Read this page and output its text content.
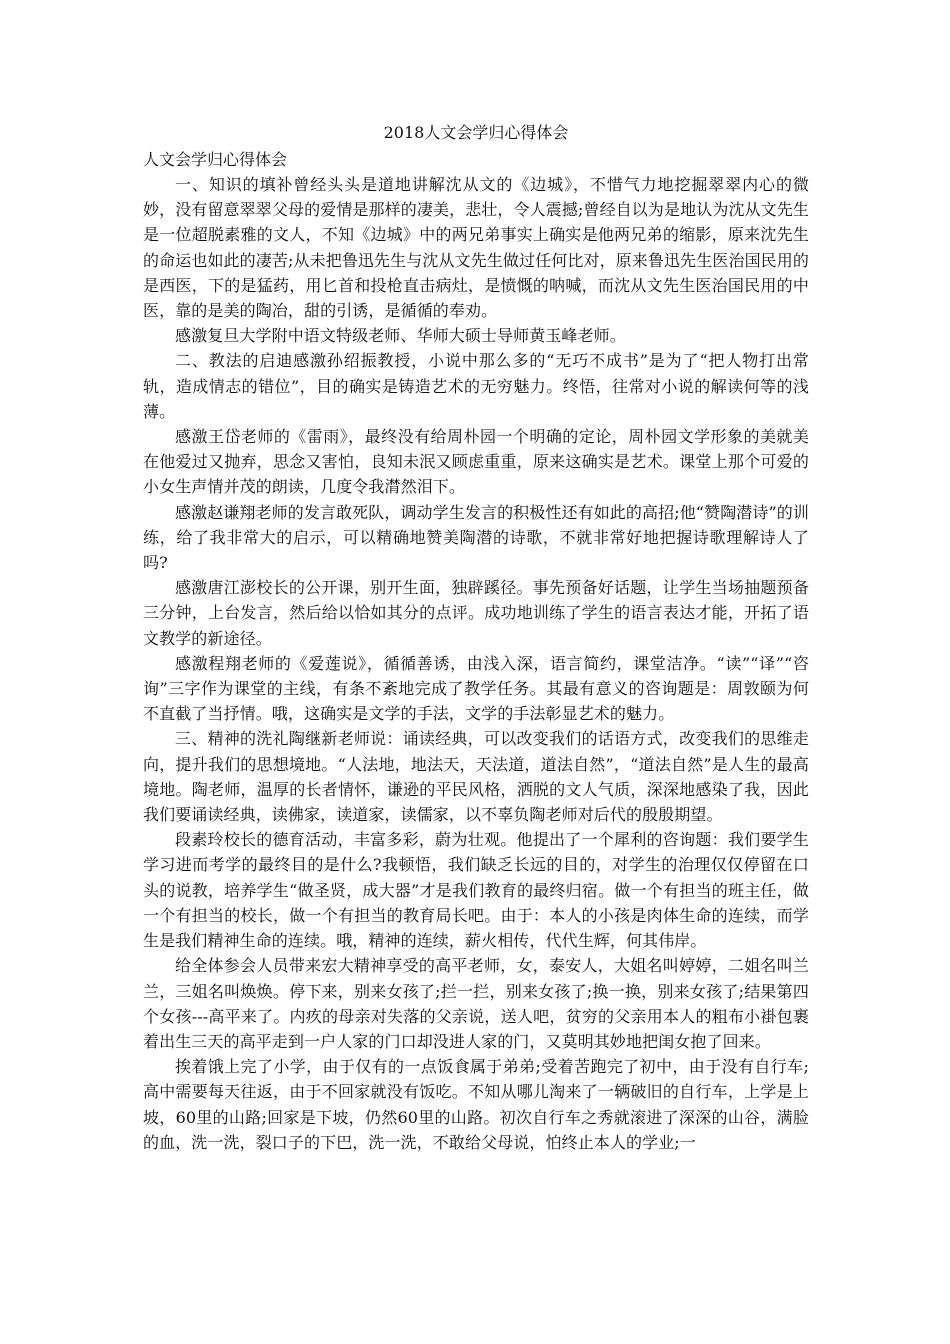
2018人文会学归心得体会
人文会学归心得体会

一、知识的填补曾经头头是道地讲解沈从文的《边城》，不惜气力地挖掘翠翠内心的微妙，没有留意翠翠父母的爱情是那样的凄美，悲壮，令人震撼;曾经自以为是地认为沈从文先生是一位超脱素雅的文人，不知《边城》中的两兄弟事实上确实是他两兄弟的缩影，原来沈先生的命运也如此的凄苦;从未把鲁迅先生与沈从文先生做过任何比对，原来鲁迅先生医治国民用的是西医，下的是猛药，用匕首和投枪直击病灶，是愤慨的呐喊，而沈从文先生医治国民用的中医，靠的是美的陶冶，甜的引诱，是循循的奉劝。

感激复旦大学附中语文特级老师、华师大硕士导师黄玉峰老师。

二、教法的启迪感激孙绍振教授，小说中那么多的“无巧不成书”是为了“把人物打出常轨，造成情志的错位”，目的确实是铸造艺术的无穷魅力。终悟，往常对小说的解读何等的浅薄。

感激王岱老师的《雷雨》，最终没有给周朴园一个明确的定论，周朴园文学形象的美就美在他爱过又抛弃，思念又害怕，良知未泯又顾虑重重，原来这确实是艺术。课堂上那个可爱的小女生声情并茂的朗读，几度令我潸然泪下。

感激赵谦翔老师的发言敢死队，调动学生发言的积极性还有如此的高招;他“赞陶潜诗”的训练，给了我非常大的启示，可以精确地赞美陶潜的诗歌，不就非常好地把握诗歌理解诗人了吗?

感激唐江澎校长的公开课，别开生面，独辟蹊径。事先预备好话题，让学生当场抽题预备三分钟，上台发言，然后给以恰如其分的点评。成功地训练了学生的语言表达才能，开拓了语文教学的新途径。

感激程翔老师的《爱莲说》，循循善诱，由浅入深，语言简约，课堂洁净。“读”“译”“咨询”三字作为课堂的主线，有条不紊地完成了教学任务。其最有意义的咨询题是：周敦颐为何不直截了当抒情。哦，这确实是文学的手法，文学的手法彰显艺术的魅力。

三、精神的洗礼陶继新老师说：诵读经典，可以改变我们的话语方式，改变我们的思维走向，提升我们的思想境地。“人法地，地法天，天法道，道法自然”，“道法自然”是人生的最高境地。陶老师，温厚的长者情怀，谦逊的平民风格，洒脱的文人气质，深深地感染了我，因此我们要诵读经典，读佛家，读道家，读儒家，以不辜负陶老师对后代的殷殷期望。

段素玲校长的德育活动，丰富多彩，蔚为壮观。他提出了一个犀利的咨询题：我们要学生学习进而考学的最终目的是什么?我顿悟，我们缺乏长远的目的，对学生的治理仅仅停留在口头的说教，培养学生“做圣贤，成大器”才是我们教育的最终归宿。做一个有担当的班主任，做一个有担当的校长，做一个有担当的教育局长吧。由于：本人的小孩是肉体生命的连续，而学生是我们精神生命的连续。哦，精神的连续，薪火相传，代代生辉，何其伟岸。

给全体参会人员带来宏大精神享受的高平老师，女，泰安人，大姐名叫婷婷，二姐名叫兰兰，三姐名叫焕焕。停下来，别来女孩了;拦一拦，别来女孩了;换一换，别来女孩了;结果第四个女孩---高平来了。内疚的母亲对失落的父亲说，送人吧，贫穷的父亲用本人的粗布小褂包裹着出生三天的高平走到一户人家的门口却没进人家的门，又莫明其妙地把闺女抱了回来。

挨着饿上完了小学，由于仅有的一点饭食属于弟弟;受着苦跑完了初中，由于没有自行车;高中需要每天往返，由于不回家就没有饭吃。不知从哪儿淘来了一辆破旧的自行车，上学是上坡，60里的山路;回家是下坡，仍然60里的山路。初次自行车之秀就滚进了深深的山谷，满脸的血，洗一洗，裂口子的下巴，洗一洗，不敢给父母说，怕终止本人的学业;一
